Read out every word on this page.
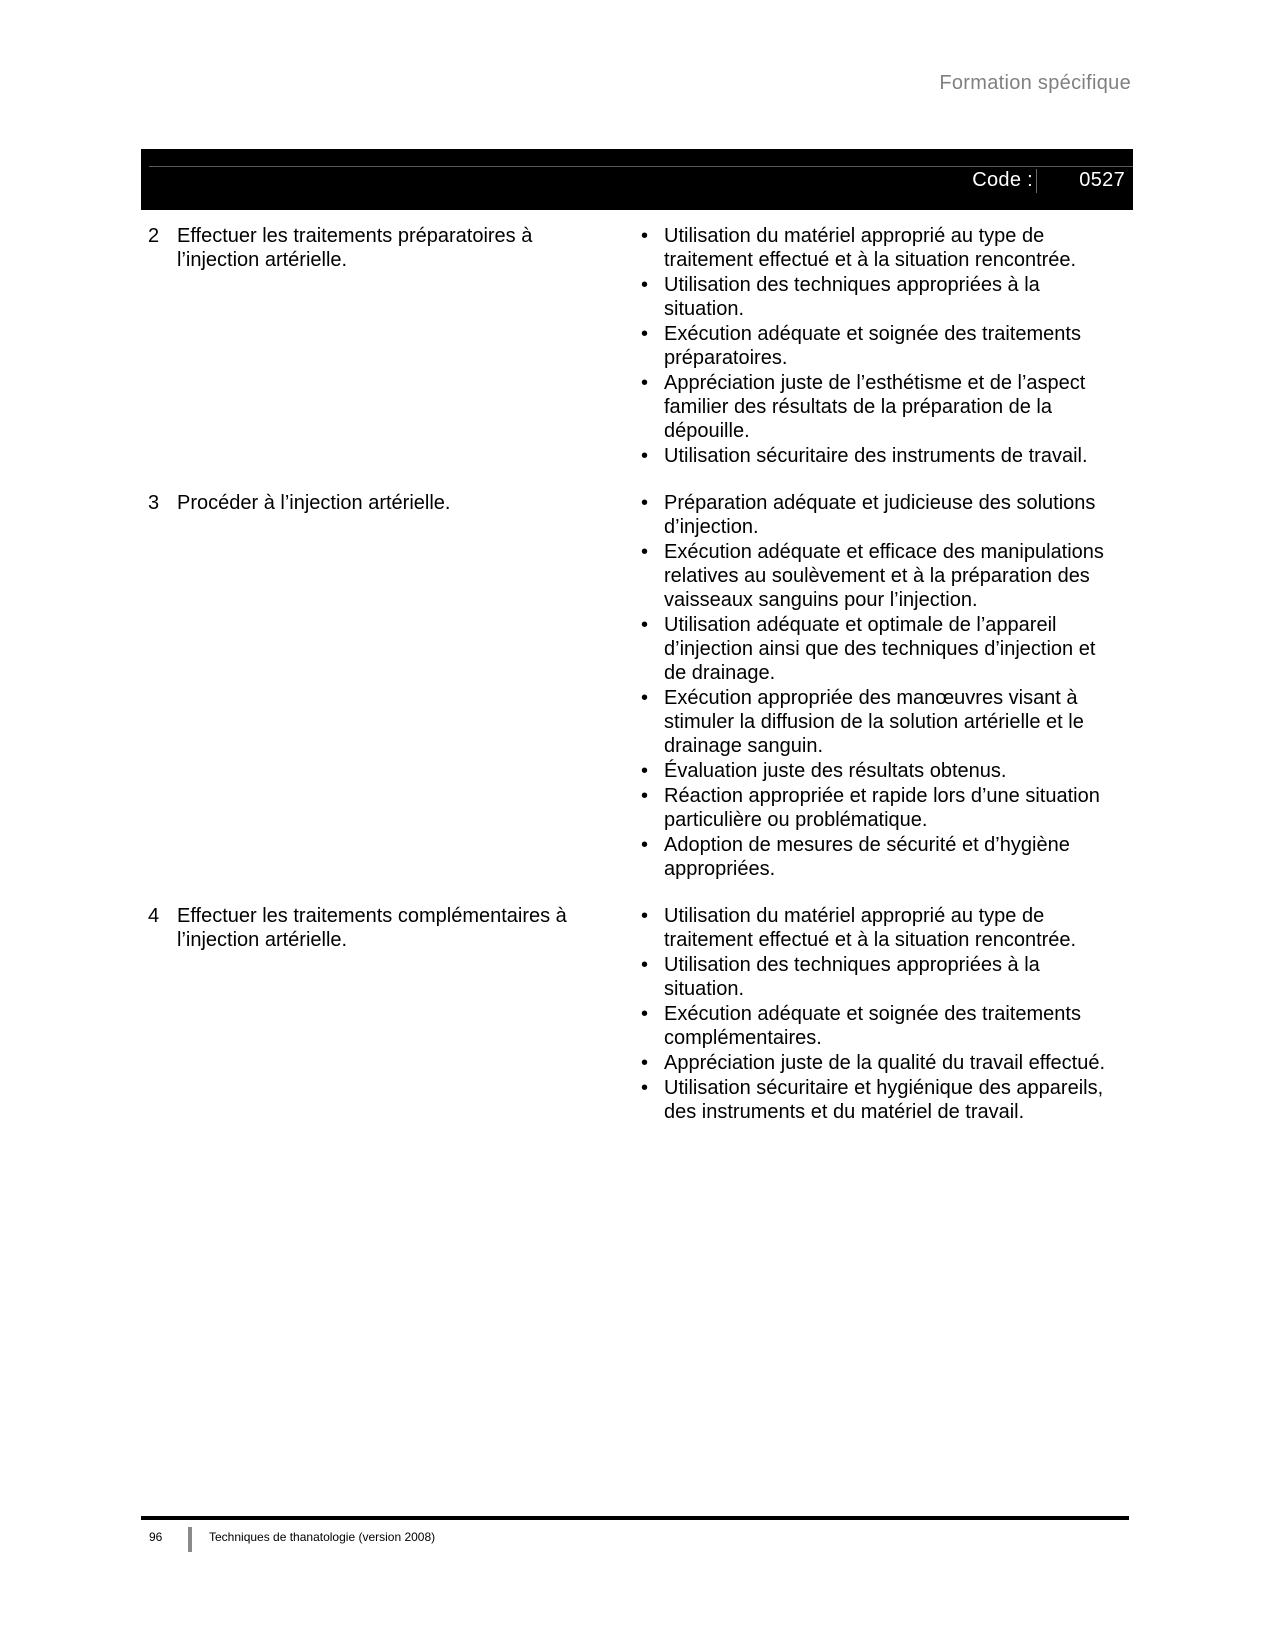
Formation spécifique
Code : 0527
2 Effectuer les traitements préparatoires à l’injection artérielle.
• Utilisation du matériel approprié au type de traitement effectué et à la situation rencontrée.
• Utilisation des techniques appropriées à la situation.
• Exécution adéquate et soignée des traitements préparatoires.
• Appréciation juste de l’esthétisme et de l’aspect familier des résultats de la préparation de la dépouille.
• Utilisation sécuritaire des instruments de travail.
3 Procéder à l’injection artérielle.
•	Préparation adéquate et judicieuse des solutions d’injection.
• Exécution adéquate et efficace des manipulations relatives au soulèvement et à la préparation des vaisseaux sanguins pour l’injection.
• Utilisation adéquate et optimale de l’appareil d’injection ainsi que des techniques d’injection et de drainage.
• Exécution appropriée des manœuvres visant à stimuler la diffusion de la solution artérielle et le drainage sanguin.
• Évaluation juste des résultats obtenus.
• Réaction appropriée et rapide lors d’une situation particulière ou problématique.
• Adoption de mesures de sécurité et d’hygiène appropriées.
4 Effectuer les traitements complémentaires à l’injection artérielle.
• Utilisation du matériel approprié au type de traitement effectué et à la situation rencontrée.
• Utilisation des techniques appropriées à la situation.
• Exécution adéquate et soignée des traitements complémentaires.
• Appréciation juste de la qualité du travail effectué.
• Utilisation sécuritaire et hygiénique des appareils, des instruments et du matériel de travail.
96	Techniques de thanatologie (version 2008)
